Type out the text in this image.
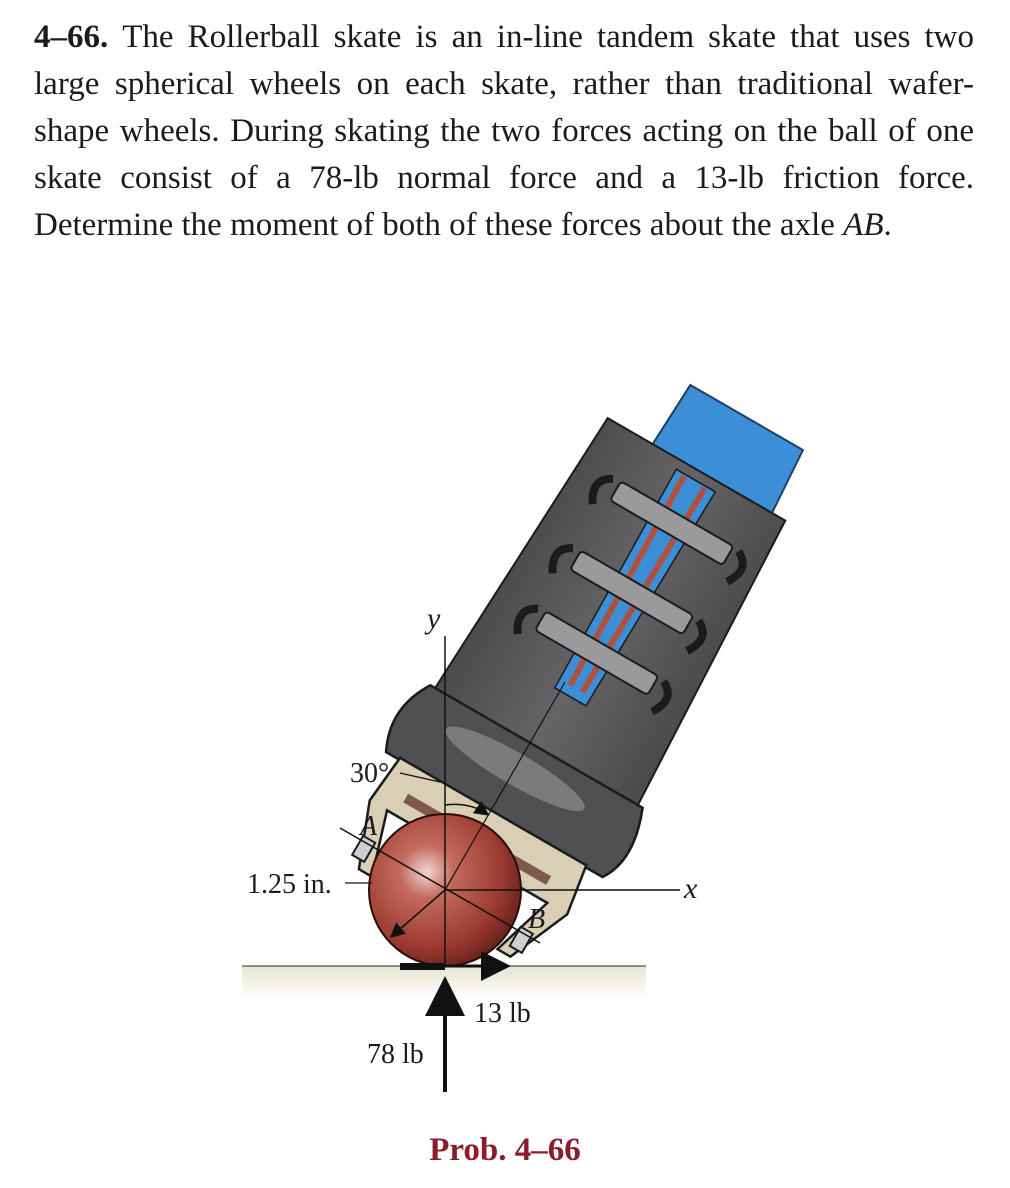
4–66. The Rollerball skate is an in-line tandem skate that uses two large spherical wheels on each skate, rather than traditional wafer-shape wheels. During skating the two forces acting on the ball of one skate consist of a 78-lb normal force and a 13-lb friction force. Determine the moment of both of these forces about the axle AB.
y
x
30°
A
B
1.25 in.
13 lb
78 lb
Prob. 4–66
